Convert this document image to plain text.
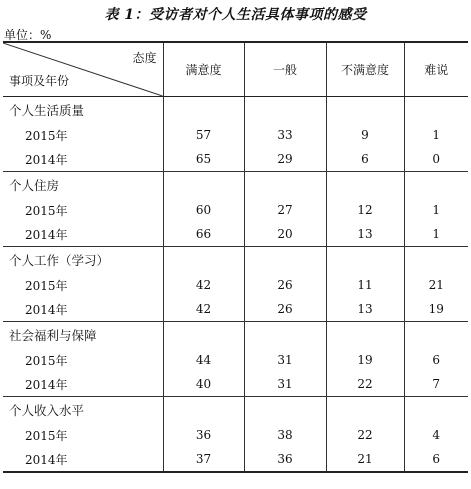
表 1：受访者对个人生活具体事项的感受
单位：%
态度
事项及年份	满意度	一般	不满意度	难说
个人生活质量				
2015年	57	33	9	1
2014年	65	29	6	0
个人住房				
2015年	60	27	12	1
2014年	66	20	13	1
个人工作（学习）				
2015年	42	26	11	21
2014年	42	26	13	19
社会福利与保障				
2015年	44	31	19	6
2014年	40	31	22	7
个人收入水平				
2015年	36	38	22	4
2014年	37	36	21	6
